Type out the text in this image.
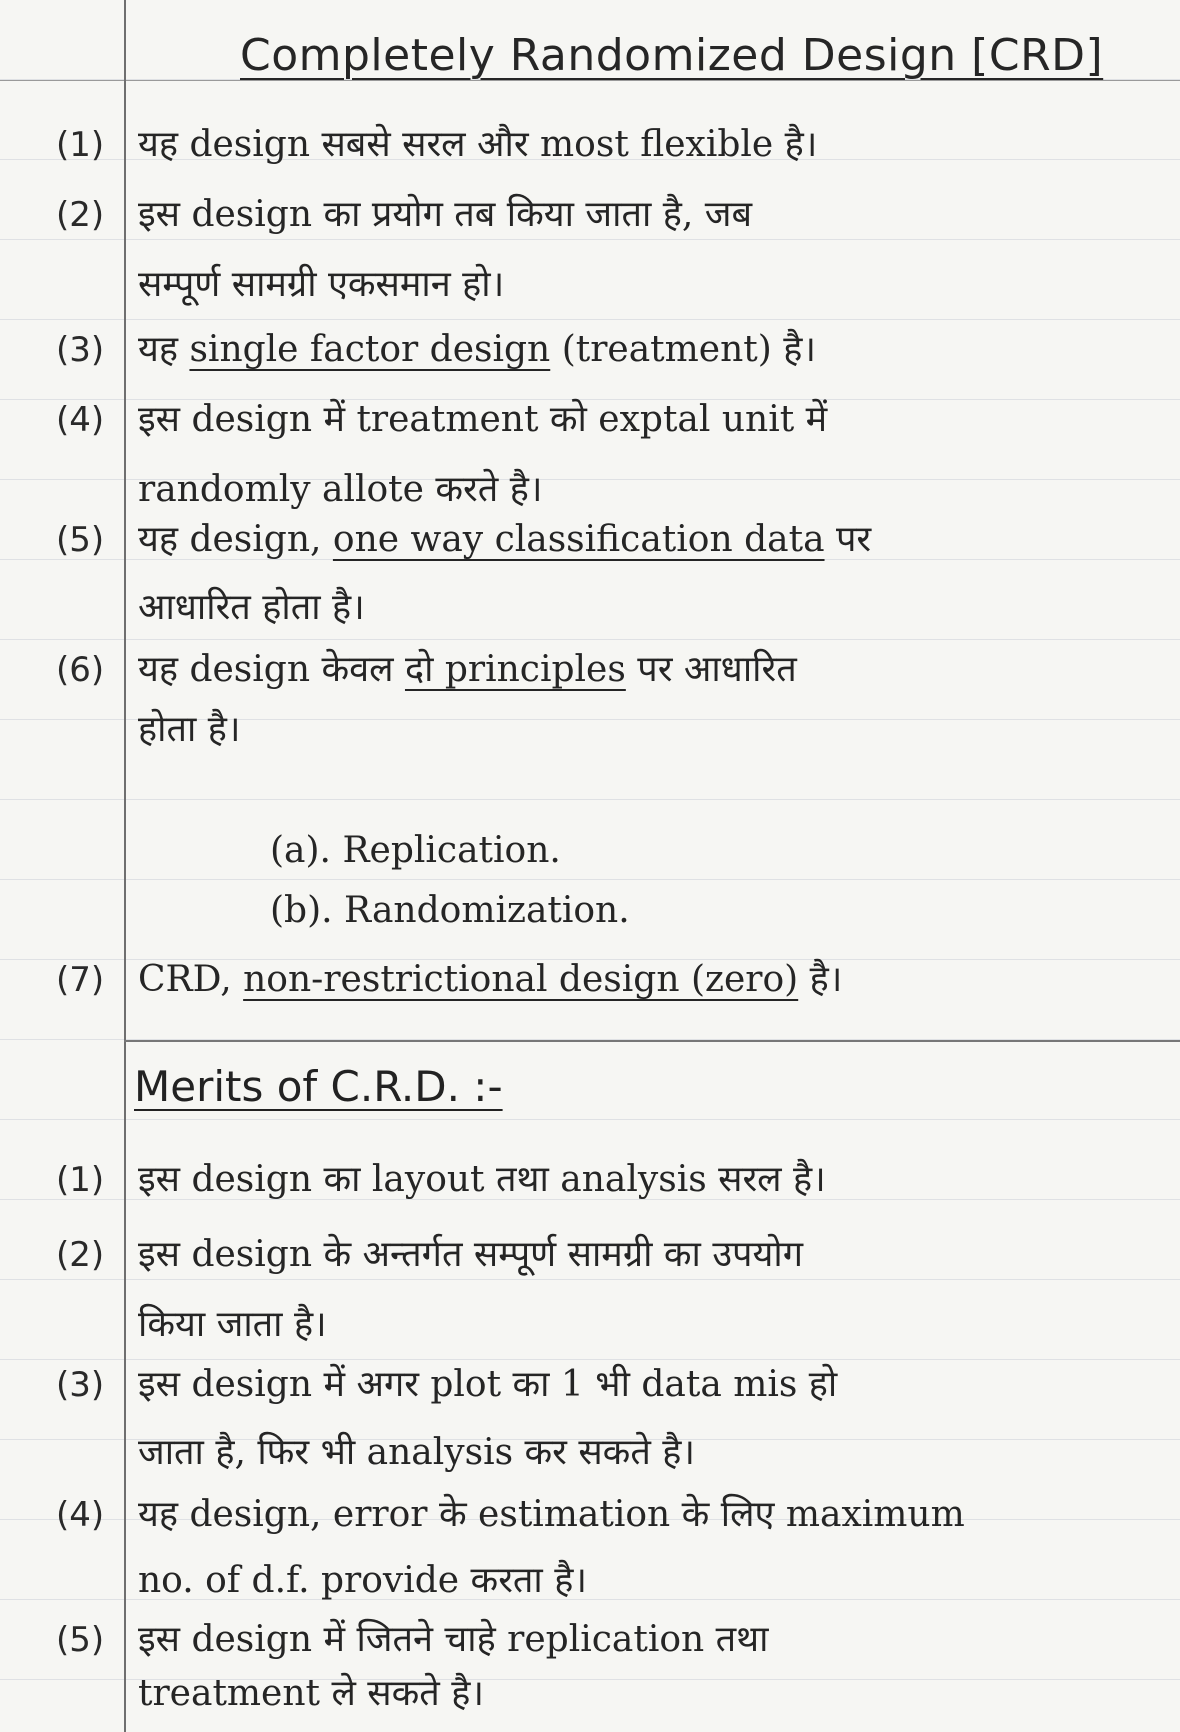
Completely Randomized Design [CRD]
(1) यह design सबसे सरल और most flexible है।
(2) इस design का प्रयोग तब किया जाता है, जब
सम्पूर्ण सामग्री एकसमान हो।
(3) यह single factor design (treatment) है।
(4) इस design में treatment को exptal unit में
randomly allote करते है।
(5) यह design, one way classification data पर
आधारित होता है।
(6) यह design केवल दो principles पर आधारित
होता है।
(a). Replication.
(b). Randomization.
(7) CRD, non-restrictional design (zero) है।
Merits of C.R.D. :-
(1) इस design का layout तथा analysis सरल है।
(2) इस design के अन्तर्गत सम्पूर्ण सामग्री का उपयोग
किया जाता है।
(3) इस design में अगर plot का 1 भी data mis हो
जाता है, फिर भी analysis कर सकते है।
(4) यह design, error के estimation के लिए maximum
no. of d.f. provide करता है।
(5) इस design में जितने चाहे replication तथा
treatment ले सकते है।
